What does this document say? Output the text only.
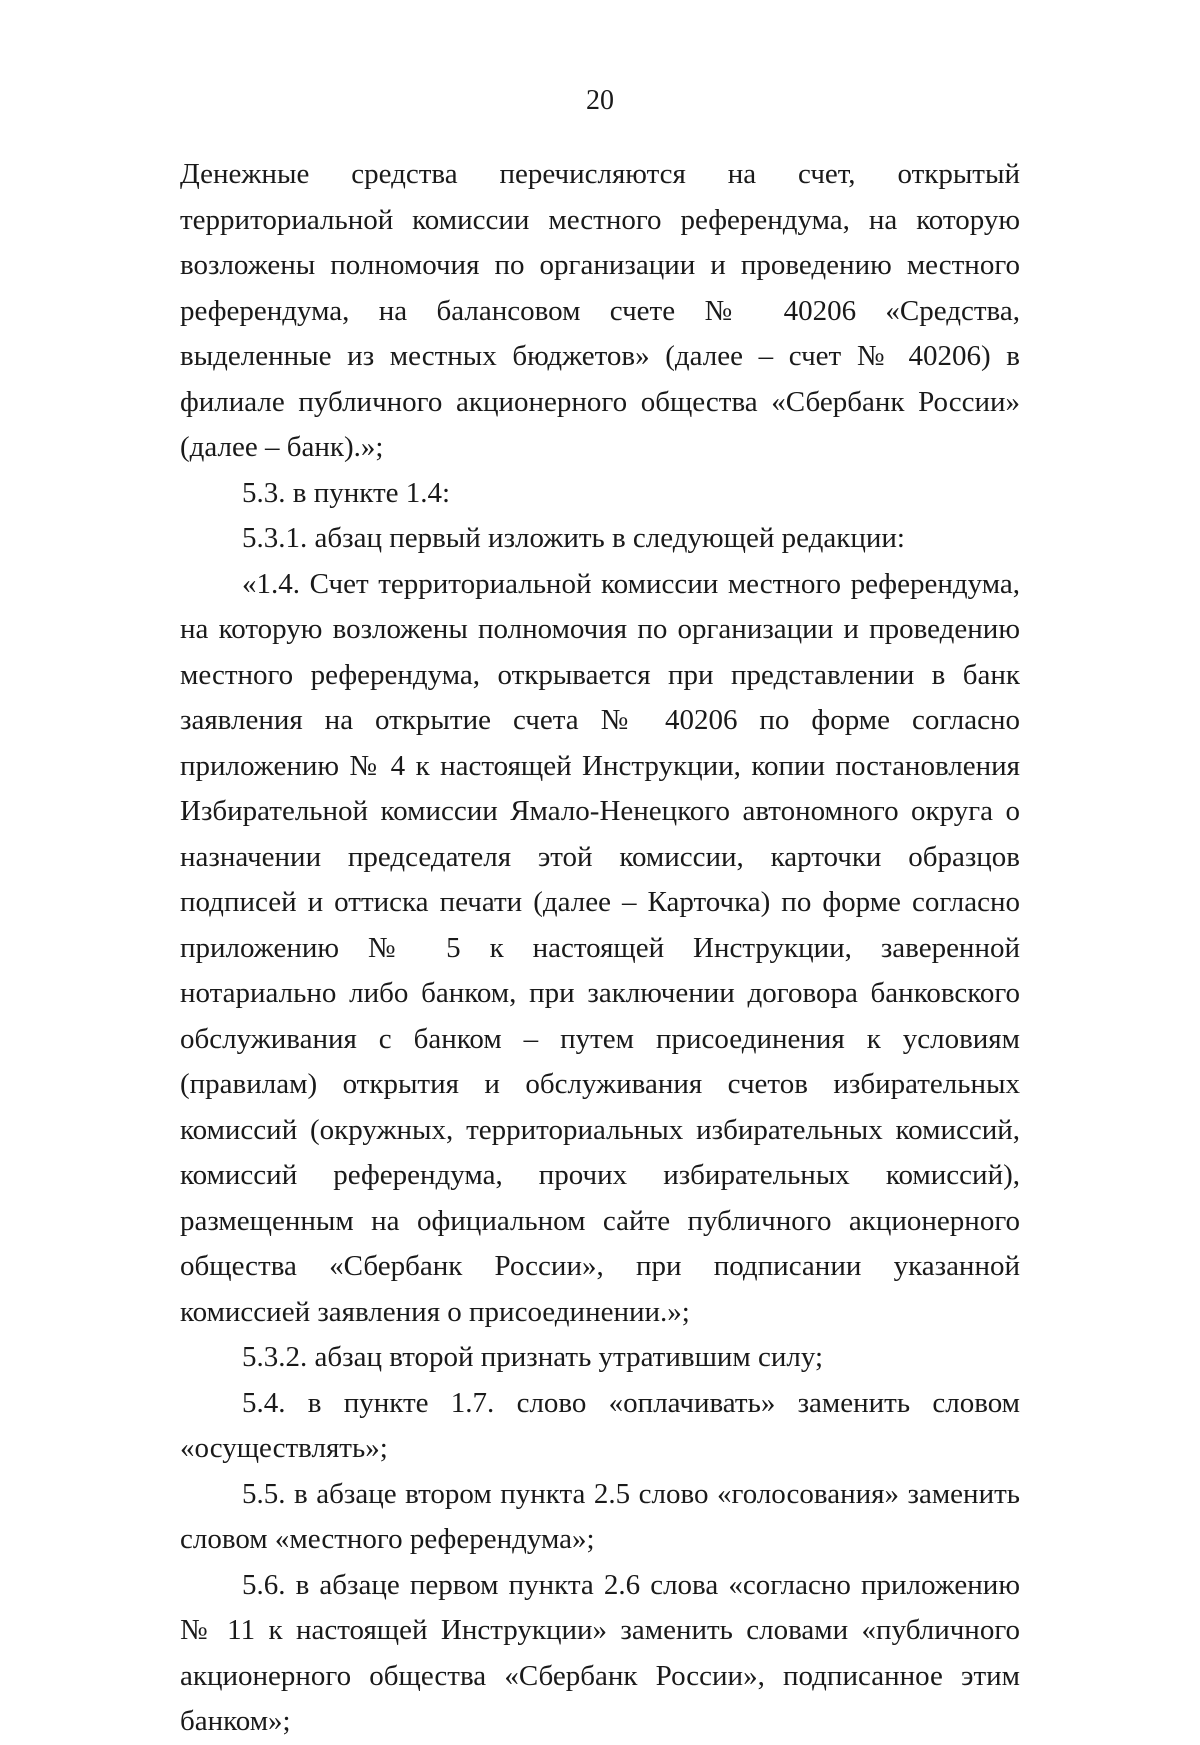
20

Денежные средства перечисляются на счет, открытый территориальной комиссии местного референдума, на которую возложены полномочия по организации и проведению местного референдума, на балансовом счете № 40206 «Средства, выделенные из местных бюджетов» (далее – счет № 40206) в филиале публичного акционерного общества «Сбербанк России» (далее – банк).»;

5.3. в пункте 1.4:

5.3.1. абзац первый изложить в следующей редакции:

«1.4. Счет территориальной комиссии местного референдума, на которую возложены полномочия по организации и проведению местного референдума, открывается при представлении в банк заявления на открытие счета № 40206 по форме согласно приложению № 4 к настоящей Инструкции, копии постановления Избирательной комиссии Ямало-Ненецкого автономного округа о назначении председателя этой комиссии, карточки образцов подписей и оттиска печати (далее – Карточка) по форме согласно приложению № 5 к настоящей Инструкции, заверенной нотариально либо банком, при заключении договора банковского обслуживания с банком – путем присоединения к условиям (правилам) открытия и обслуживания счетов избирательных комиссий (окружных, территориальных избирательных комиссий, комиссий референдума, прочих избирательных комиссий), размещенным на официальном сайте публичного акционерного общества «Сбербанк России», при подписании указанной комиссией заявления о присоединении.»;

5.3.2. абзац второй признать утратившим силу;

5.4. в пункте 1.7. слово «оплачивать» заменить словом «осуществлять»;

5.5. в абзаце втором пункта 2.5 слово «голосования» заменить словом «местного референдума»;

5.6. в абзаце первом пункта 2.6 слова «согласно приложению № 11 к настоящей Инструкции» заменить словами «публичного акционерного общества «Сбербанк России», подписанное этим банком»;
